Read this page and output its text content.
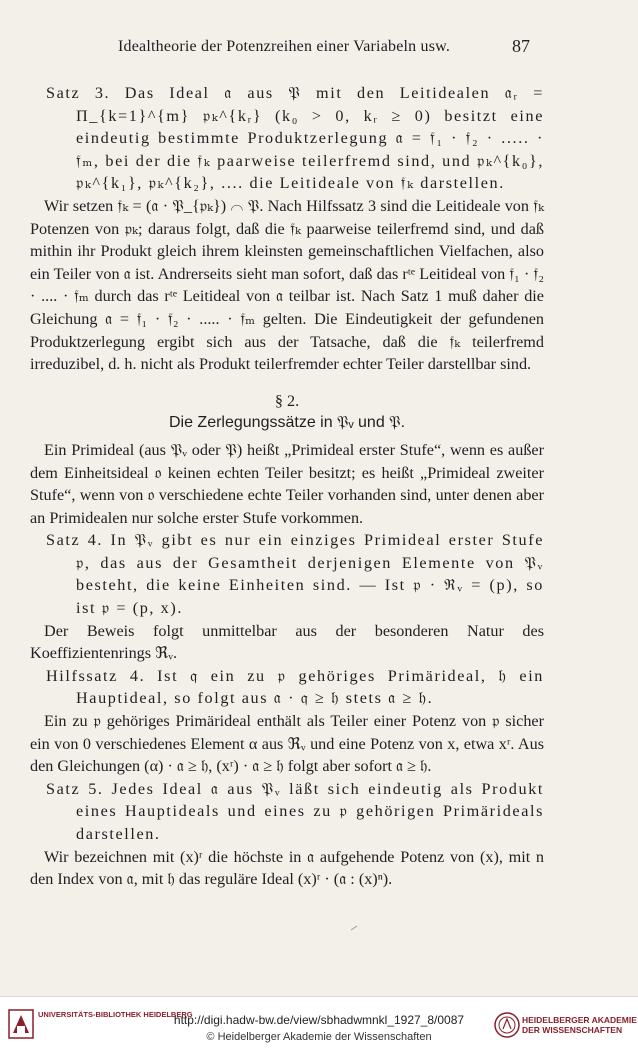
Idealtheorie der Potenzreihen einer Variabeln usw.	87

Satz 3. Das Ideal 𝔞 aus 𝔓 mit den Leitidealen 𝔞ᵣ = Π_{k=1}^{m} 𝔭ₖ^{kᵣ} (k₀ > 0, kᵣ ≥ 0) besitzt eine eindeutig bestimmte Produktzerlegung 𝔞 = 𝔣₁ · 𝔣₂ · ..... · 𝔣ₘ, bei der die 𝔣ₖ paarweise teilerfremd sind, und 𝔭ₖ^{k₀}, 𝔭ₖ^{k₁}, 𝔭ₖ^{k₂}, .... die Leitideale von 𝔣ₖ darstellen.

Wir setzen 𝔣ₖ = (𝔞 · 𝔓_{𝔭ₖ}) ⌒ 𝔓. Nach Hilfssatz 3 sind die Leitideale von 𝔣ₖ Potenzen von 𝔭ₖ; daraus folgt, daß die 𝔣ₖ paarweise teilerfremd sind, und daß mithin ihr Produkt gleich ihrem kleinsten gemeinschaftlichen Vielfachen, also ein Teiler von 𝔞 ist. Andrerseits sieht man sofort, daß das rᵗᵉ Leitideal von 𝔣₁ · 𝔣₂ · .... · 𝔣ₘ durch das rᵗᵉ Leitideal von 𝔞 teilbar ist. Nach Satz 1 muß daher die Gleichung 𝔞 = 𝔣₁ · 𝔣₂ · ..... · 𝔣ₘ gelten. Die Eindeutigkeit der gefundenen Produktzerlegung ergibt sich aus der Tatsache, daß die 𝔣ₖ teilerfremd irreduzibel, d. h. nicht als Produkt teilerfremder echter Teiler darstellbar sind.

§ 2.

Die Zerlegungssätze in 𝔓ᵥ und 𝔓.

Ein Primideal (aus 𝔓ᵥ oder 𝔓) heißt „Primideal erster Stufe“, wenn es außer dem Einheitsideal 𝔬 keinen echten Teiler besitzt; es heißt „Primideal zweiter Stufe“, wenn von 𝔬 verschiedene echte Teiler vorhanden sind, unter denen aber an Primidealen nur solche erster Stufe vorkommen.

Satz 4. In 𝔓ᵥ gibt es nur ein einziges Primideal erster Stufe 𝔭, das aus der Gesamtheit derjenigen Elemente von 𝔓ᵥ besteht, die keine Einheiten sind. — Ist 𝔭 · ℜᵥ = (p), so ist 𝔭 = (p, x).

Der Beweis folgt unmittelbar aus der besonderen Natur des Koeffizientenrings ℜᵥ.

Hilfssatz 4. Ist 𝔮 ein zu 𝔭 gehöriges Primärideal, 𝔥 ein Hauptideal, so folgt aus 𝔞 · 𝔮 ≥ 𝔥 stets 𝔞 ≥ 𝔥.

Ein zu 𝔭 gehöriges Primärideal enthält als Teiler einer Potenz von 𝔭 sicher ein von 0 verschiedenes Element α aus ℜᵥ und eine Potenz von x, etwa xʳ. Aus den Gleichungen (α) · 𝔞 ≥ 𝔥, (xʳ) · 𝔞 ≥ 𝔥 folgt aber sofort 𝔞 ≥ 𝔥.

Satz 5. Jedes Ideal 𝔞 aus 𝔓ᵥ läßt sich eindeutig als Produkt eines Hauptideals und eines zu 𝔭 gehörigen Primärideals darstellen.

Wir bezeichnen mit (x)ʳ die höchste in 𝔞 aufgehende Potenz von (x), mit n den Index von 𝔞, mit 𝔥 das reguläre Ideal (x)ʳ · (𝔞 : (x)ⁿ).

UNIVERSITÄTS-BIBLIOTHEK HEIDELBERG
http://digi.hadw-bw.de/view/sbhadwmnkl_1927_8/0087
© Heidelberger Akademie der Wissenschaften
HEIDELBERGER AKADEMIE DER WISSENSCHAFTEN
